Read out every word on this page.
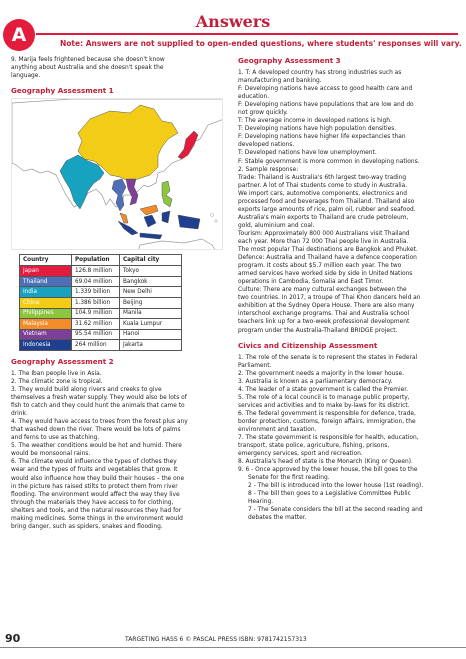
A
Answers
Note: Answers are not supplied to open-ended questions, where students' responses will vary.
9. Marija feels frightened because she doesn't know
anything about Australia and she doesn't speak the
language.
Geography Assessment 1
Country	Population	Capital city
Japan	126.8 million	Tokyo
Thailand	69.04 million	Bangkok
India	1.339 billion	New Delhi
China	1.386 billion	Beijing
Philippines	104.9 million	Manila
Malaysia	31.62 million	Kuala Lumpur
Vietnam	95.54 million	Hanoi
Indonesia	264 million	Jakarta
Geography Assessment 2
1. The Iban people live in Asia.
2. The climatic zone is tropical.
3. They would build along rivers and creeks to give
themselves a fresh water supply. They would also be lots of
fish to catch and they could hunt the animals that came to
drink.
4. They would have access to trees from the forest plus any
that washed down the river. There would be lots of palms
and ferns to use as thatching.
5. The weather conditions would be hot and humid. There
would be monsoonal rains.
6. The climate would influence the types of clothes they
wear and the types of fruits and vegetables that grow. It
would also influence how they build their houses – the one
in the picture has raised stilts to protect them from river
flooding. The environment would affect the way they live
through the materials they have access to for clothing,
shelters and tools, and the natural resources they had for
making medicines. Some things in the environment would
bring danger, such as spiders, snakes and flooding.
Geography Assessment 3
1. T: A developed country has strong industries such as
manufacturing and banking.
F: Developing nations have access to good health care and
education.
F: Developing nations have populations that are low and do
not grow quickly.
T: The average income in developed nations is high.
T: Developing nations have high population densities.
F: Developing nations have higher life expectancies than
developed nations.
T: Developed nations have low unemployment.
F: Stable government is more common in developing nations.
2. Sample response:
Trade: Thailand is Australia's 6th largest two-way trading
partner. A lot of Thai students come to study in Australia.
We import cars, automotive components, electronics and
processed food and beverages from Thailand. Thailand also
exports large amounts of rice, palm oil, rubber and seafood.
Australia's main exports to Thailand are crude petroleum,
gold, aluminium and coal.
Tourism: Approximately 800 000 Australians visit Thailand
each year. More than 72 000 Thai people live in Australia.
The most popular Thai destinations are Bangkok and Phuket.
Defence: Australia and Thailand have a defence cooperation
program. It costs about $5.7 million each year. The two
armed services have worked side by side in United Nations
operations in Cambodia, Somalia and East Timor.
Culture: There are many cultural exchanges between the
two countries. In 2017, a troupe of Thai Khon dancers held an
exhibition at the Sydney Opera House. There are also many
interschool exchange programs. Thai and Australia school
teachers link up for a two-week professional development
program under the Australia-Thailand BRIDGE project.
Civics and Citizenship Assessment
1. The role of the senate is to represent the states in Federal
Parliament.
2. The government needs a majority in the lower house.
3. Australia is known as a parliamentary democracy.
4. The leader of a state government is called the Premier.
5. The role of a local council is to manage public property,
services and activities and to make by-laws for its district.
6. The federal government is responsible for defence, trade,
border protection, customs, foreign affairs, immigration, the
environment and taxation.
7. The state government is responsible for health, education,
transport, state police, agriculture, fishing, prisons,
emergency services, sport and recreation.
8. Australia's head of state is the Monarch (King or Queen).
9. 6 - Once approved by the lower house, the bill goes to the
Senate for the first reading.
2 - The bill is introduced into the lower house (1st reading).
8 - The bill then goes to a Legislative Committee Public
Hearing.
7 - The Senate considers the bill at the second reading and
debates the matter.
90	TARGETING HASS 6 © PASCAL PRESS ISBN: 9781742157313
